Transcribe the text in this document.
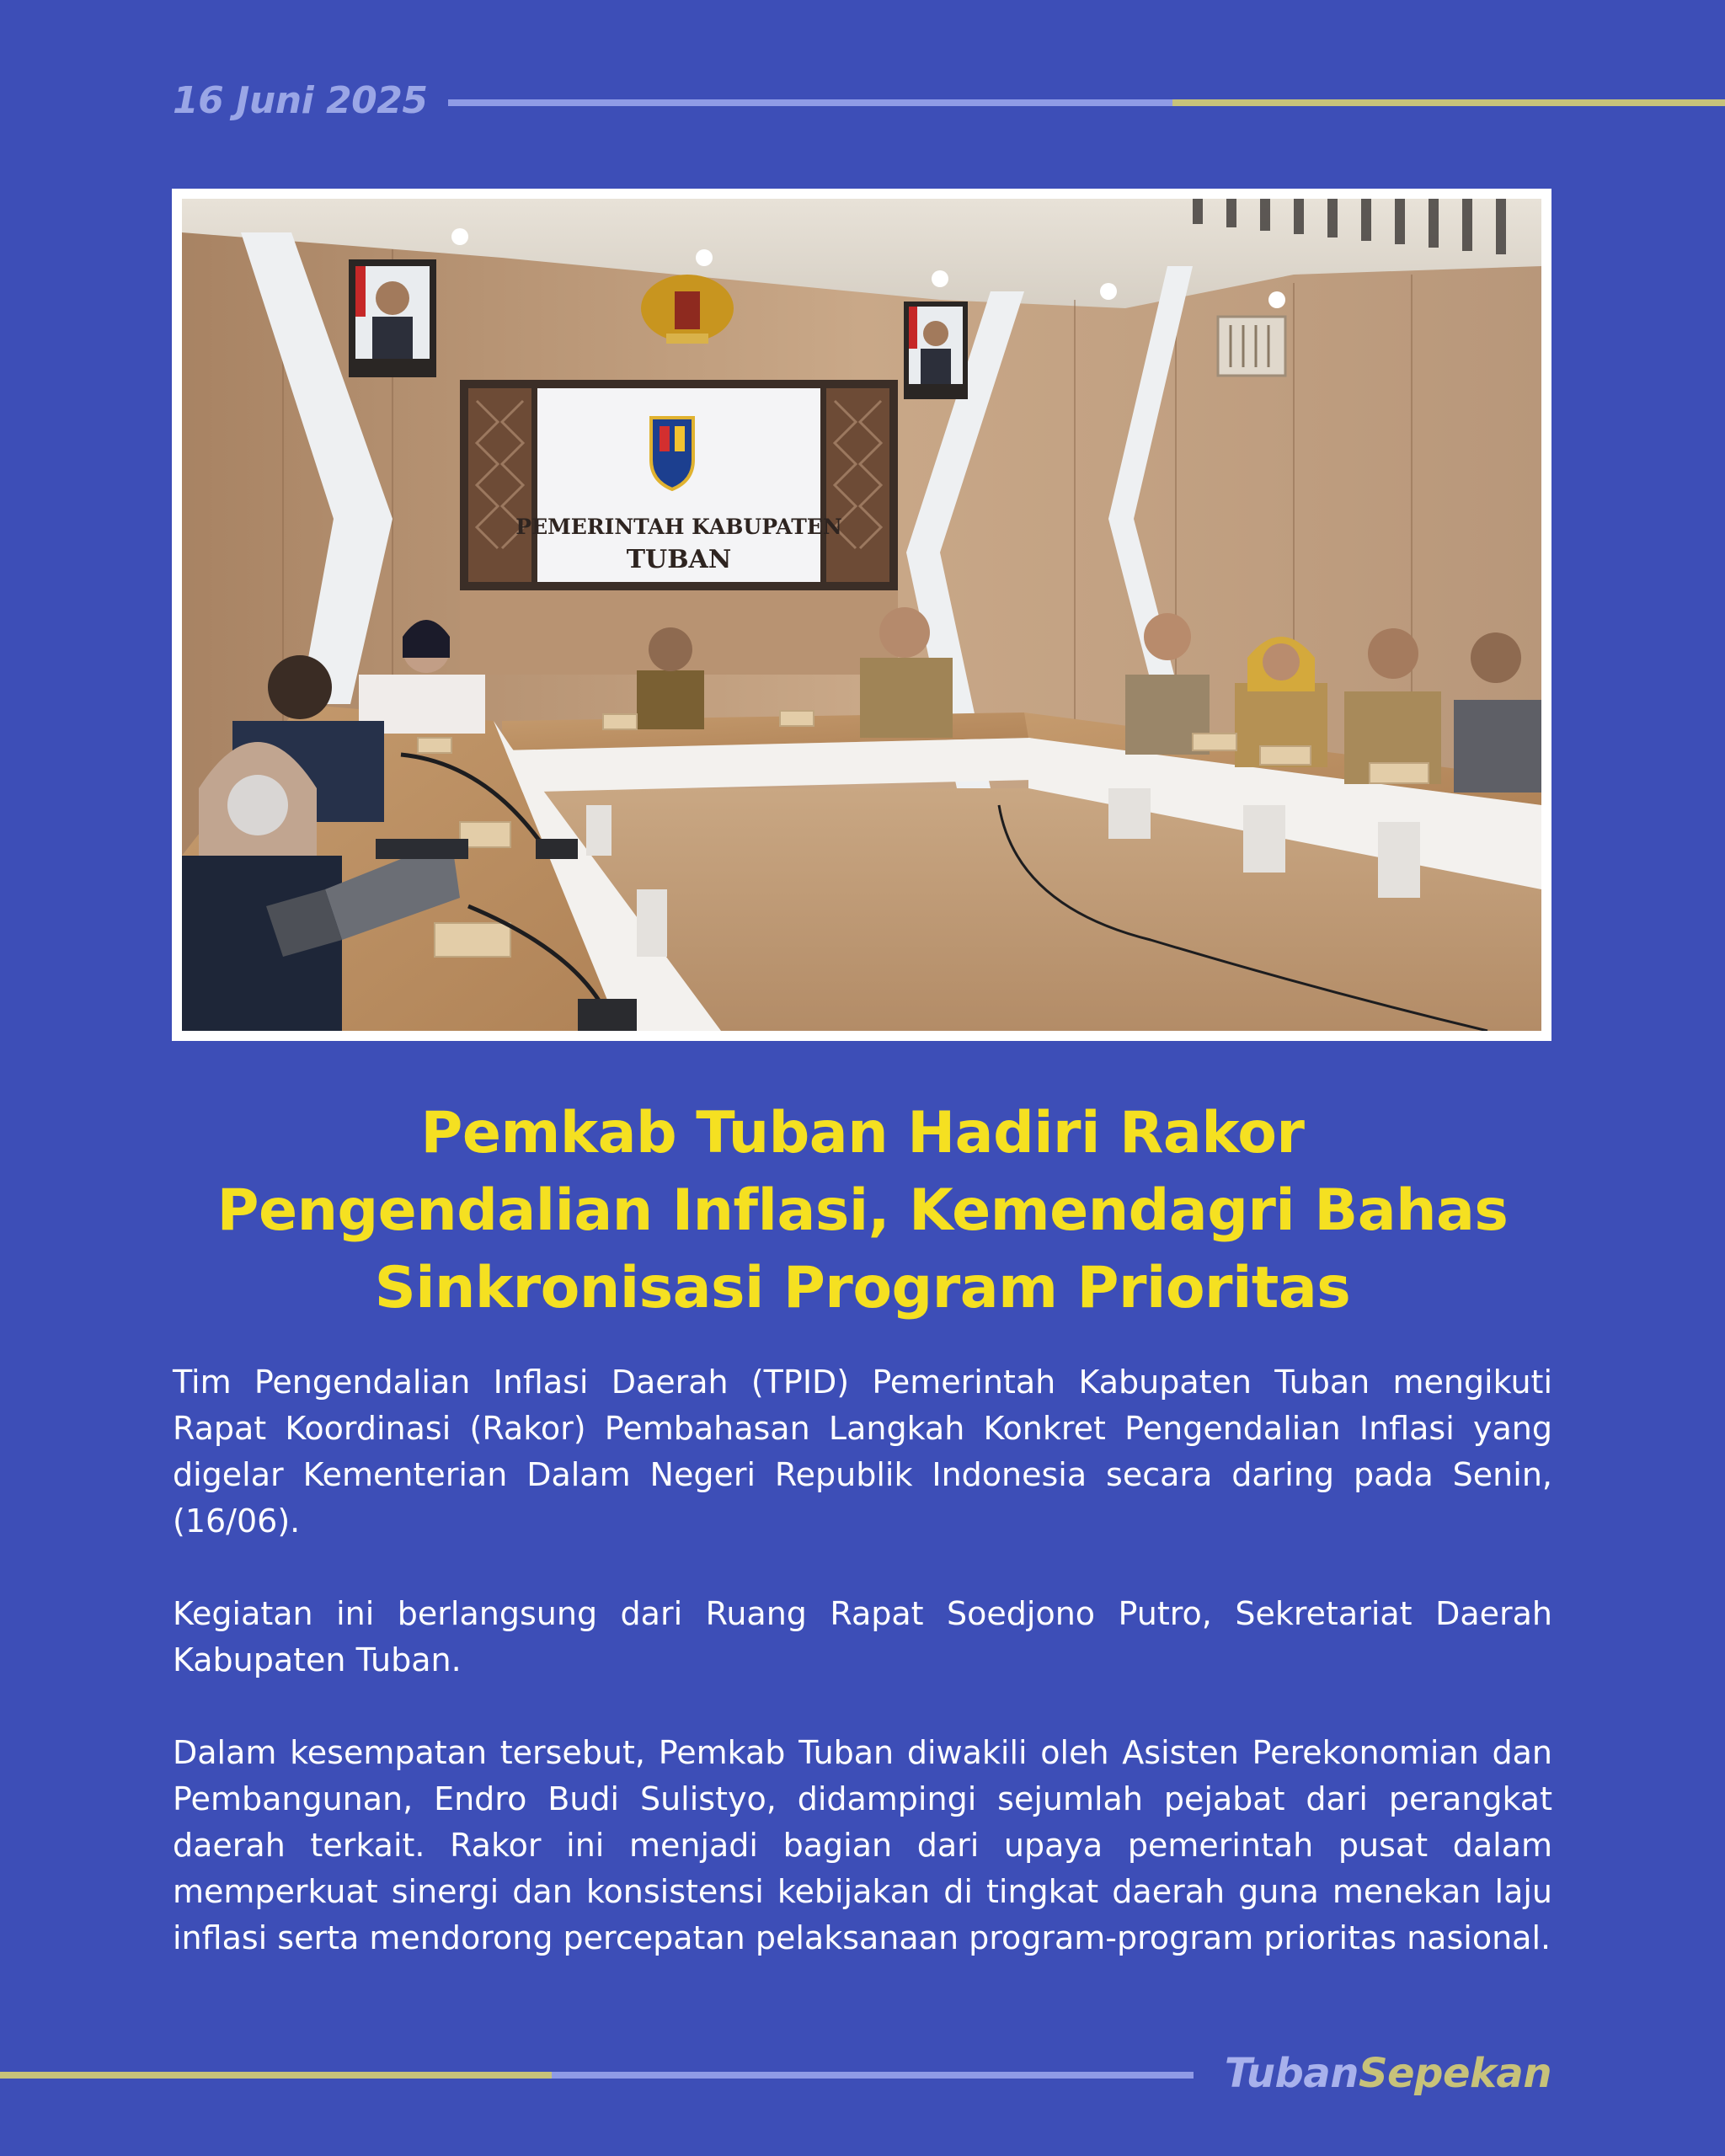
16 Juni 2025
PEMERINTAH KABUPATEN
TUBAN
Pemkab Tuban Hadiri Rakor
Pengendalian Inflasi, Kemendagri Bahas
Sinkronisasi Program Prioritas

Tim Pengendalian Inflasi Daerah (TPID) Pemerintah Kabupaten Tuban mengikuti Rapat Koordinasi (Rakor) Pembahasan Langkah Konkret Pengendalian Inflasi yang digelar Kementerian Dalam Negeri Republik Indonesia secara daring pada Senin, (16/06).

Kegiatan ini berlangsung dari Ruang Rapat Soedjono Putro, Sekretariat Daerah Kabupaten Tuban.

Dalam kesempatan tersebut, Pemkab Tuban diwakili oleh Asisten Perekonomian dan Pembangunan, Endro Budi Sulistyo, didampingi sejumlah pejabat dari perangkat daerah terkait. Rakor ini menjadi bagian dari upaya pemerintah pusat dalam memperkuat sinergi dan konsistensi kebijakan di tingkat daerah guna menekan laju inflasi serta mendorong percepatan pelaksanaan program-program prioritas nasional.

TubanSepekan
